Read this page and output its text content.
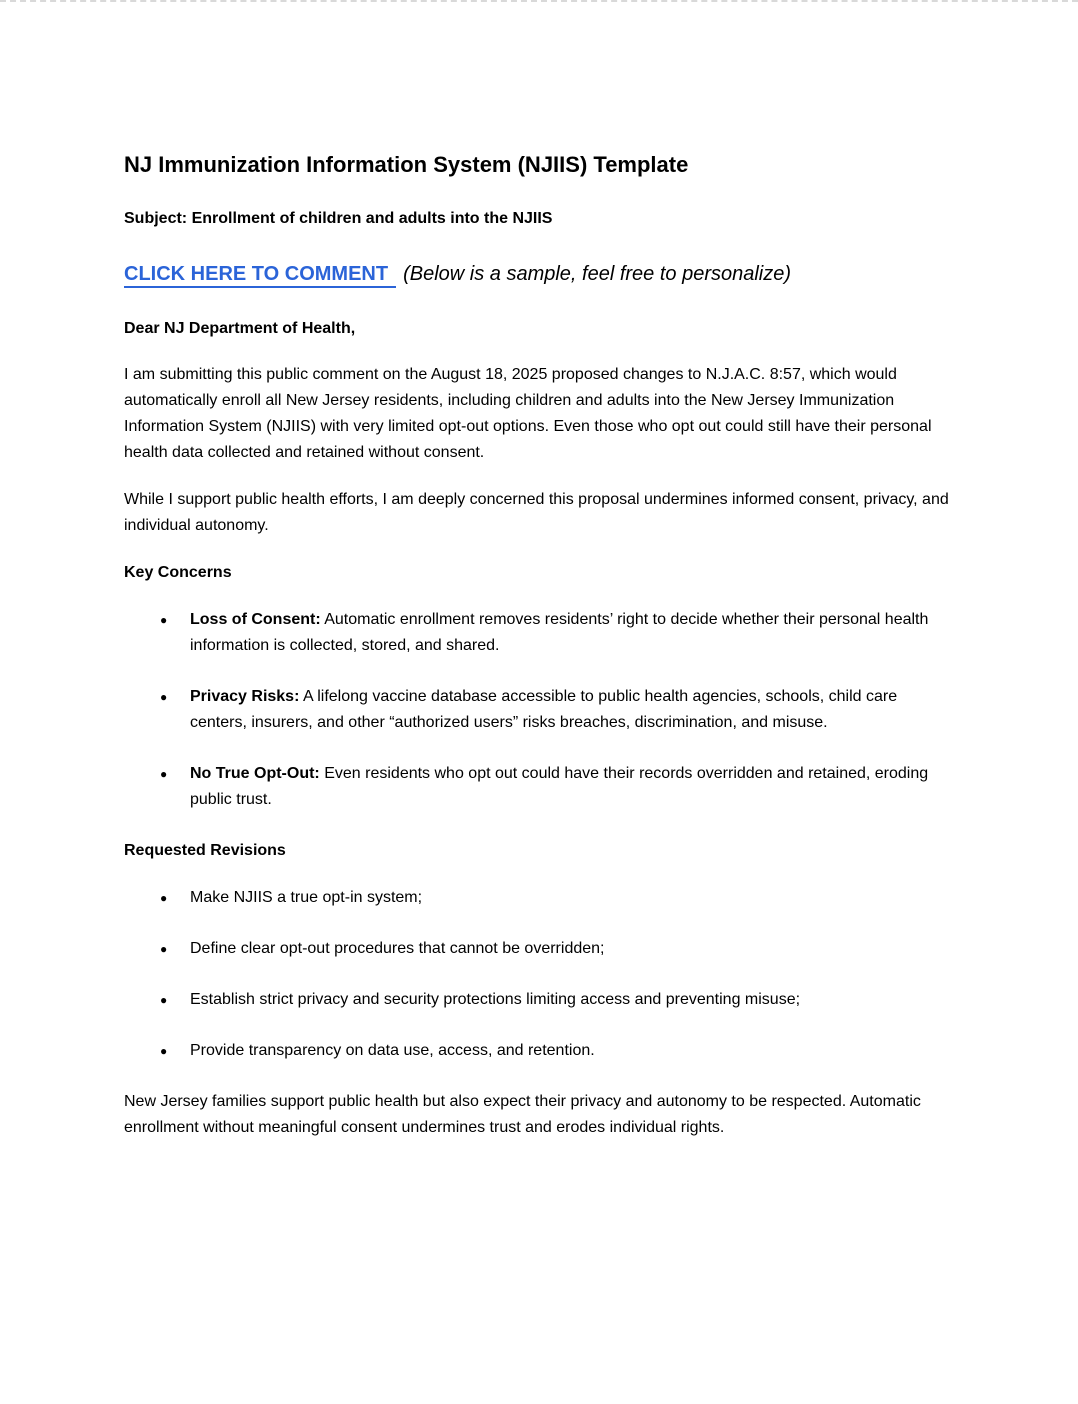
NJ Immunization Information System (NJIIS) Template

Subject: Enrollment of children and adults into the NJIIS

CLICK HERE TO COMMENT (Below is a sample, feel free to personalize)

Dear NJ Department of Health,

I am submitting this public comment on the August 18, 2025 proposed changes to N.J.A.C. 8:57, which would automatically enroll all New Jersey residents, including children and adults into the New Jersey Immunization Information System (NJIIS) with very limited opt-out options. Even those who opt out could still have their personal health data collected and retained without consent.

While I support public health efforts, I am deeply concerned this proposal undermines informed consent, privacy, and individual autonomy.

Key Concerns
● Loss of Consent: Automatic enrollment removes residents’ right to decide whether their personal health information is collected, stored, and shared.
● Privacy Risks: A lifelong vaccine database accessible to public health agencies, schools, child care centers, insurers, and other “authorized users” risks breaches, discrimination, and misuse.
● No True Opt-Out: Even residents who opt out could have their records overridden and retained, eroding public trust.
Requested Revisions
● Make NJIIS a true opt-in system;
● Define clear opt-out procedures that cannot be overridden;
● Establish strict privacy and security protections limiting access and preventing misuse;
● Provide transparency on data use, access, and retention.

New Jersey families support public health but also expect their privacy and autonomy to be respected. Automatic enrollment without meaningful consent undermines trust and erodes individual rights.
